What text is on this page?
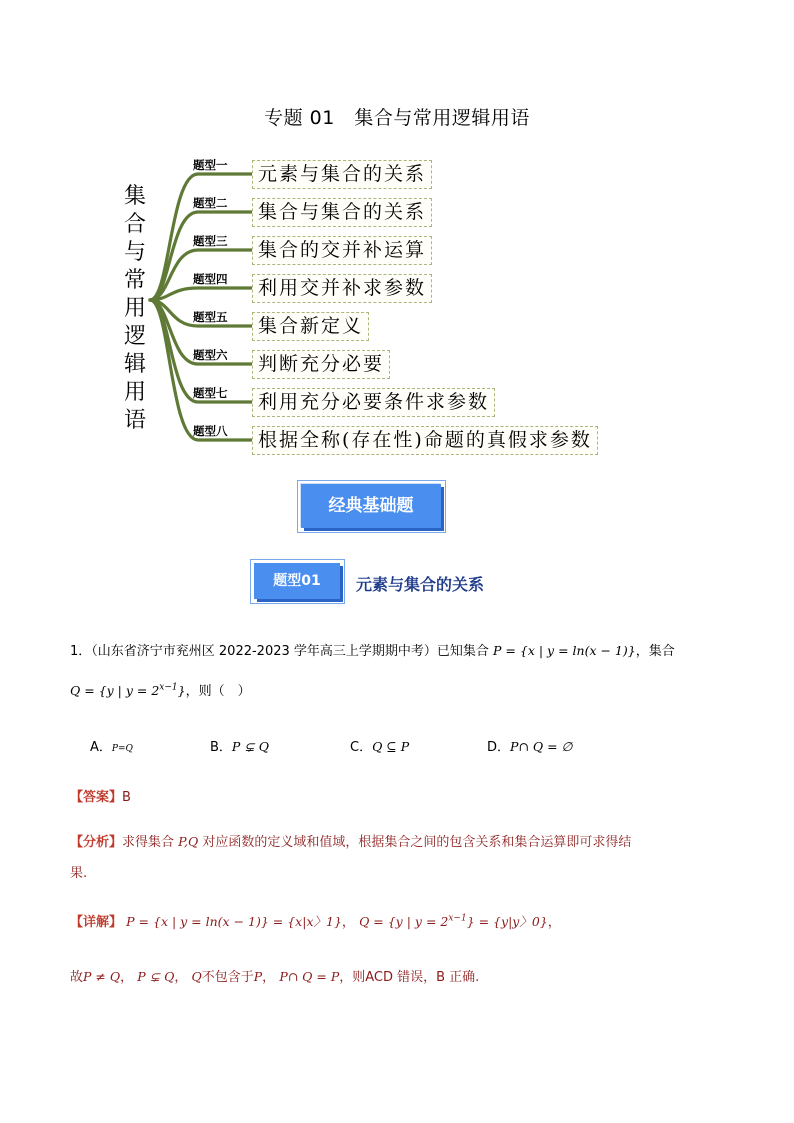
专题 01　集合与常用逻辑用语
集
合
与
常
用
逻
辑
用
语
题型一	元素与集合的关系
题型二	集合与集合的关系
题型三	集合的交并补运算
题型四	利用交并补求参数
题型五	集合新定义
题型六	判断充分必要
题型七	利用充分必要条件求参数
题型八	根据全称(存在性)命题的真假求参数
经典基础题
题型01	元素与集合的关系
1．（山东省济宁市兖州区 2022-2023 学年高三上学期期中考）已知集合 P = {x | y = ln(x − 1)}，集合
Q = {y | $y = 2^{x-1}$}，则（　）
A．P=Q	B．P ⊊ Q	C．Q ⊆ P	D．P∩ Q = ∅
【答案】B
【分析】求得集合 P,Q 对应函数的定义域和值域，根据集合之间的包含关系和集合运算即可求得结
果.
【详解】 P = {x | y = ln(x − 1)} = {x|x〉1}， Q = {y | $y = 2^{x-1}\} = \{y|y$〉0}，
故P ≠ Q， P ⊊ Q， Q不包含于P， P∩ Q = P，则ACD 错误，B 正确.
